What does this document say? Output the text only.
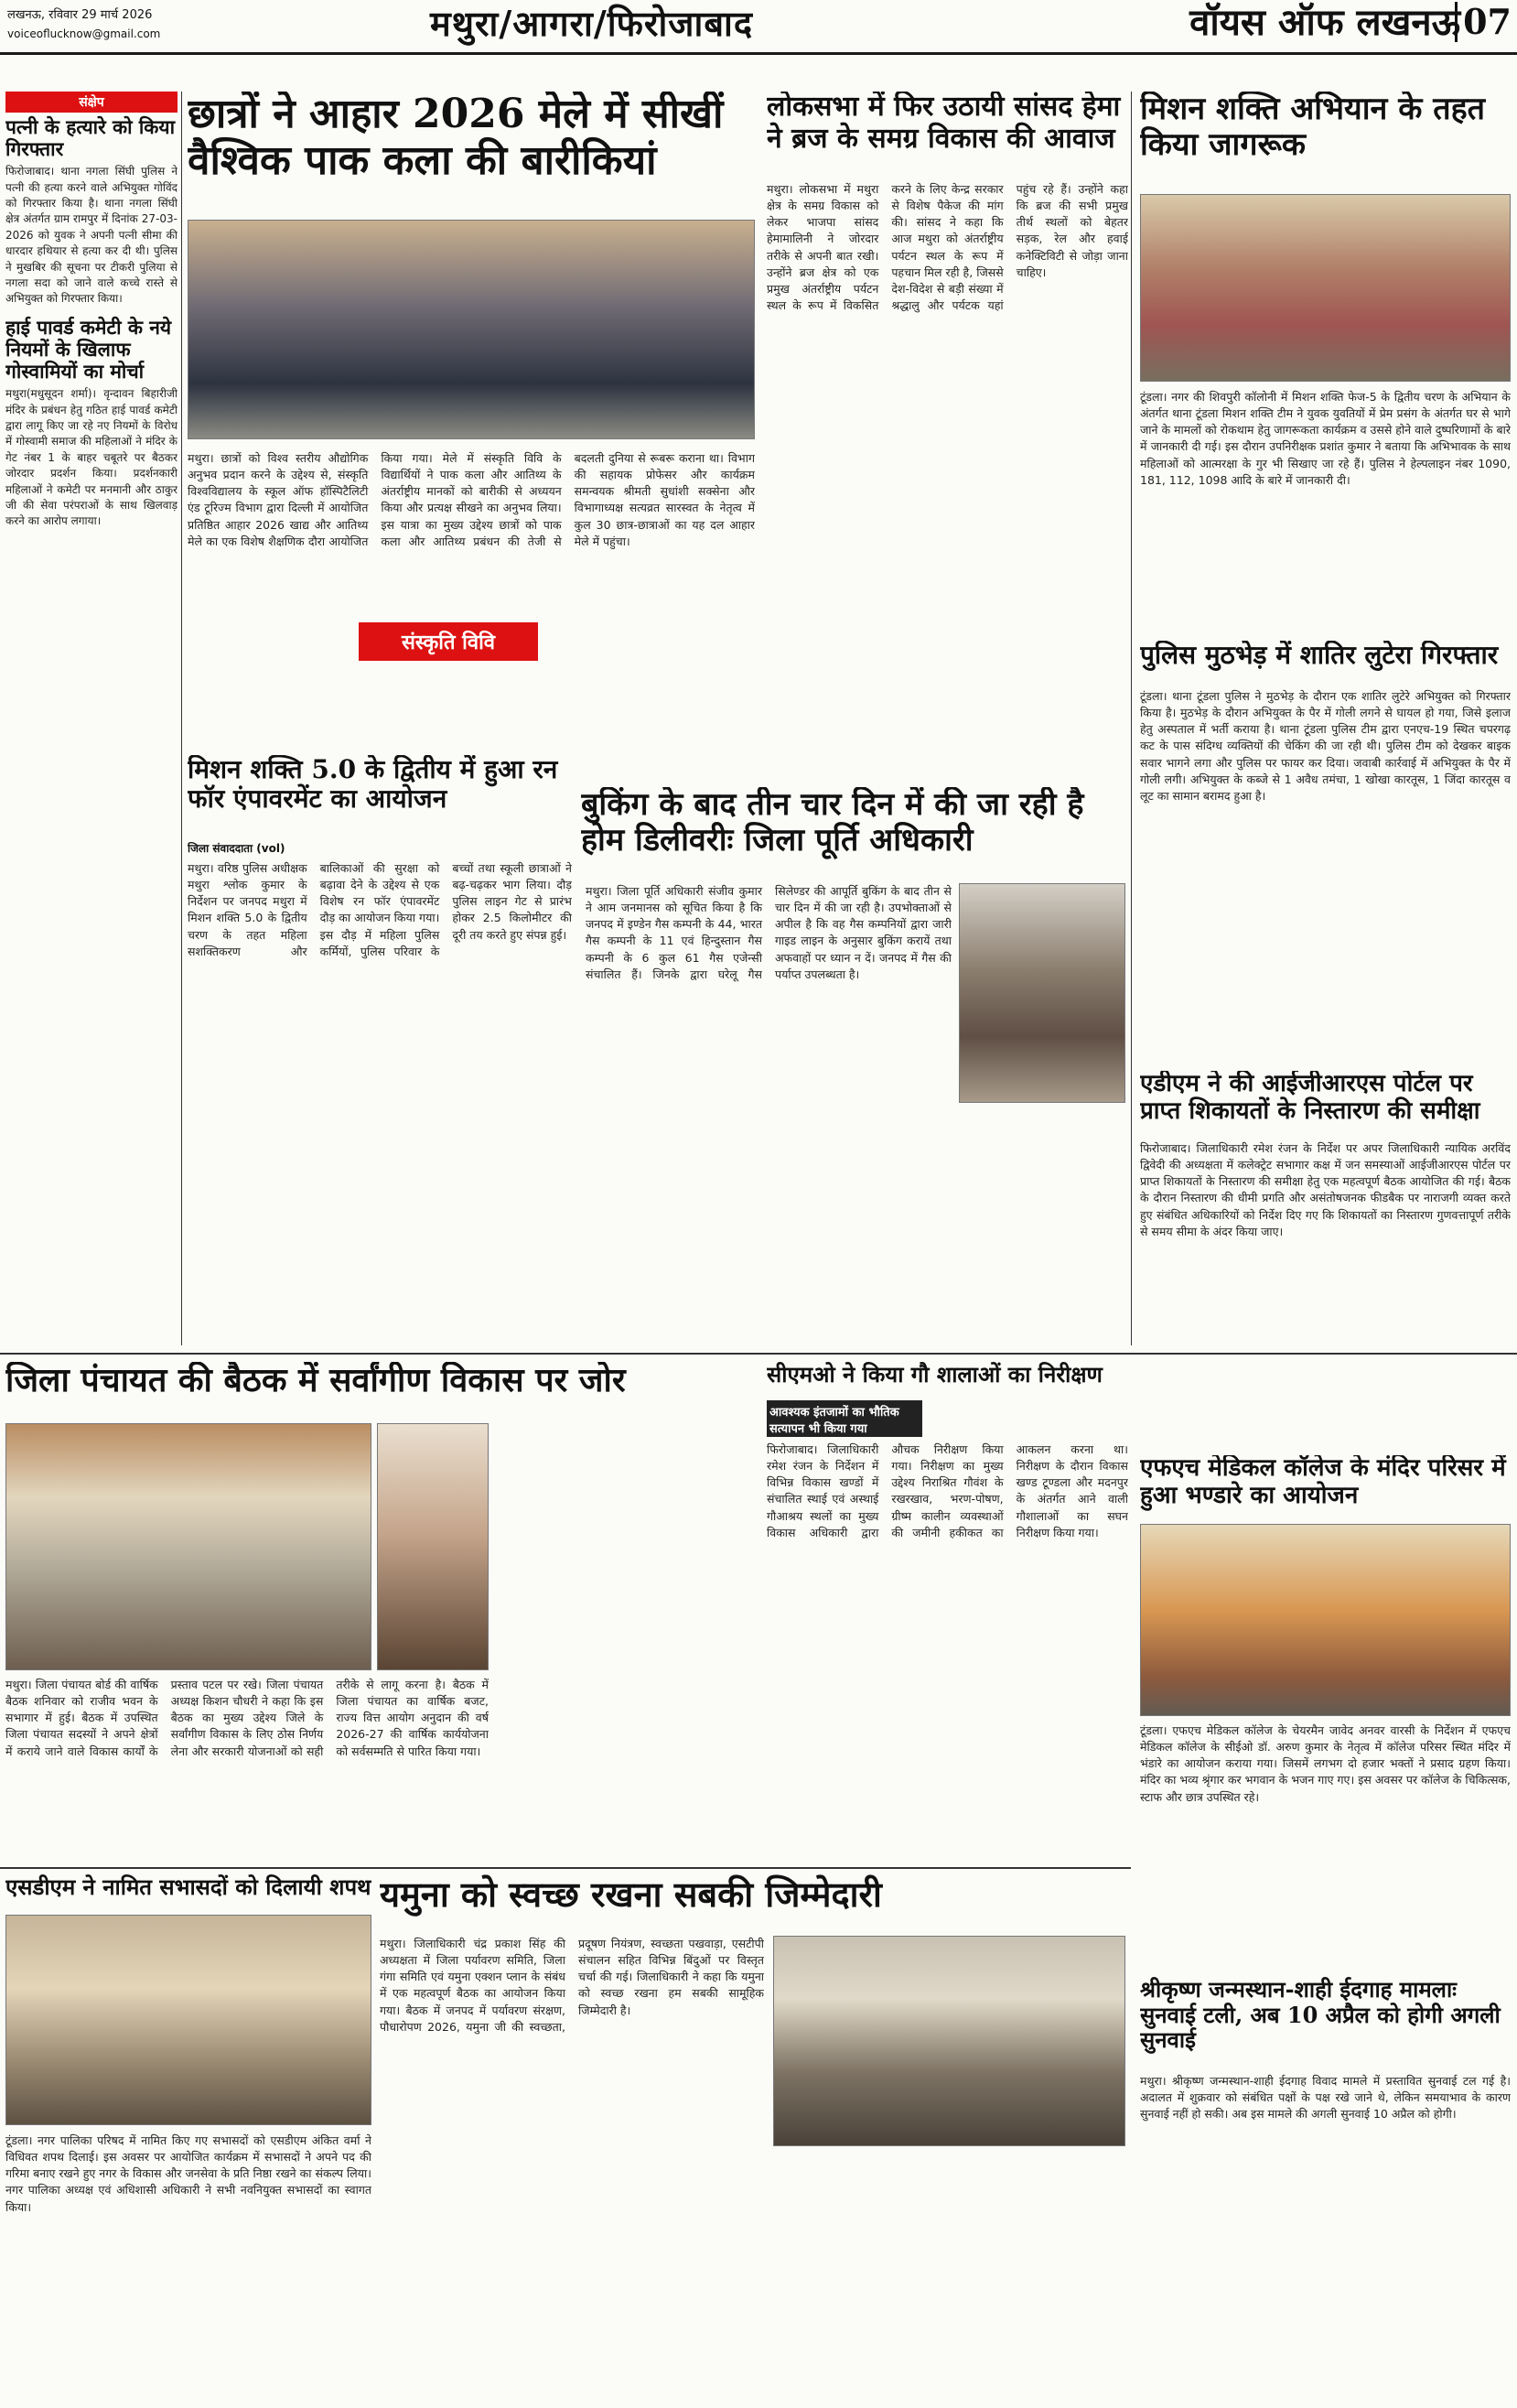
लखनऊ, रविवार 29 मार्च 2026
voiceoflucknow@gmail.com	मथुरा/आगरा/फिरोजाबाद	वॉयस ऑफ लखनऊ 07
संक्षेप
पत्नी के हत्यारे को किया गिरफ्तार
फिरोजाबाद। थाना नगला सिंघी पुलिस ने पत्नी की हत्या करने वाले अभियुक्त गोविंद को गिरफ्तार किया है। थाना नगला सिंघी क्षेत्र अंतर्गत ग्राम रामपुर में दिनांक 27-03-2026 को युवक ने अपनी पत्नी सीमा की धारदार हथियार से हत्या कर दी थी। पुलिस ने मुखबिर की सूचना पर टीकरी पुलिया से नगला सदा को जाने वाले कच्चे रास्ते से अभियुक्त को गिरफ्तार किया।
हाई पावर्ड कमेटी के नये नियमों के खिलाफ गोस्वामियों का मोर्चा
मथुरा(मधुसूदन शर्मा)। वृन्दावन बिहारीजी मंदिर के प्रबंधन हेतु गठित हाई पावर्ड कमेटी द्वारा लागू किए जा रहे नए नियमों के विरोध में गोस्वामी समाज की महिलाओं ने मंदिर के गेट नंबर 1 के बाहर चबूतरे पर बैठकर जोरदार प्रदर्शन किया। प्रदर्शनकारी महिलाओं ने कमेटी पर मनमानी और ठाकुर जी की सेवा परंपराओं के साथ खिलवाड़ करने का आरोप लगाया।
छात्रों ने आहार 2026 मेले में सीखीं वैश्विक पाक कला की बारीकियां
मथुरा। छात्रों को विश्व स्तरीय औद्योगिक अनुभव प्रदान करने के उद्देश्य से, संस्कृति विश्वविद्यालय के स्कूल ऑफ हॉस्पिटैलिटी एंड टूरिज्म विभाग द्वारा दिल्ली में आयोजित प्रतिष्ठित आहार 2026 खाद्य और आतिथ्य मेले का एक विशेष शैक्षणिक दौरा आयोजित किया गया। मेले में संस्कृति विवि के विद्यार्थियों ने पाक कला और आतिथ्य के अंतर्राष्ट्रीय मानकों को बारीकी से अध्ययन किया और प्रत्यक्ष सीखने का अनुभव लिया। इस यात्रा का मुख्य उद्देश्य छात्रों को पाक कला और आतिथ्य प्रबंधन की तेजी से बदलती दुनिया से रूबरू कराना था। विभाग की सहायक प्रोफेसर और कार्यक्रम समन्वयक श्रीमती सुधांशी सक्सेना और विभागाध्यक्ष सत्यव्रत सारस्वत के नेतृत्व में कुल 30 छात्र-छात्राओं का यह दल आहार मेले में पहुंचा।
संस्कृति विवि
लोकसभा में फिर उठायी सांसद हेमा ने ब्रज के समग्र विकास की आवाज
मथुरा। लोकसभा में मथुरा क्षेत्र के समग्र विकास को लेकर भाजपा सांसद हेमामालिनी ने जोरदार तरीके से अपनी बात रखी। उन्होंने ब्रज क्षेत्र को एक प्रमुख अंतर्राष्ट्रीय पर्यटन स्थल के रूप में विकसित करने के लिए केन्द्र सरकार से विशेष पैकेज की मांग की। सांसद ने कहा कि आज मथुरा को अंतर्राष्ट्रीय पर्यटन स्थल के रूप में पहचान मिल रही है, जिससे देश-विदेश से बड़ी संख्या में श्रद्धालु और पर्यटक यहां पहुंच रहे हैं। उन्होंने कहा कि ब्रज की सभी प्रमुख तीर्थ स्थलों को बेहतर सड़क, रेल और हवाई कनेक्टिविटी से जोड़ा जाना चाहिए।
मिशन शक्ति अभियान के तहत किया जागरूक
टूंडला। नगर की शिवपुरी कॉलोनी में मिशन शक्ति फेज-5 के द्वितीय चरण के अभियान के अंतर्गत थाना टूंडला मिशन शक्ति टीम ने युवक युवतियों में प्रेम प्रसंग के अंतर्गत घर से भागे जाने के मामलों को रोकथाम हेतु जागरूकता कार्यक्रम व उससे होने वाले दुष्परिणामों के बारे में जानकारी दी गई। इस दौरान उपनिरीक्षक प्रशांत कुमार ने बताया कि अभिभावक के साथ महिलाओं को आत्मरक्षा के गुर भी सिखाए जा रहे हैं। पुलिस ने हेल्पलाइन नंबर 1090, 181, 112, 1098 आदि के बारे में जानकारी दी।
पुलिस मुठभेड़ में शातिर लुटेरा गिरफ्तार
टूंडला। थाना टूंडला पुलिस ने मुठभेड़ के दौरान एक शातिर लुटेरे अभियुक्त को गिरफ्तार किया है। मुठभेड़ के दौरान अभियुक्त के पैर में गोली लगने से घायल हो गया, जिसे इलाज हेतु अस्पताल में भर्ती कराया है। थाना टूंडला पुलिस टीम द्वारा एनएच-19 स्थित चपरगढ़ कट के पास संदिग्ध व्यक्तियों की चेकिंग की जा रही थी। पुलिस टीम को देखकर बाइक सवार भागने लगा और पुलिस पर फायर कर दिया। जवाबी कार्रवाई में अभियुक्त के पैर में गोली लगी। अभियुक्त के कब्जे से 1 अवैध तमंचा, 1 खोखा कारतूस, 1 जिंदा कारतूस व लूट का सामान बरामद हुआ है।
एडीएम ने की आईजीआरएस पोर्टल पर प्राप्त शिकायतों के निस्तारण की समीक्षा
फिरोजाबाद। जिलाधिकारी रमेश रंजन के निर्देश पर अपर जिलाधिकारी न्यायिक अरविंद द्विवेदी की अध्यक्षता में कलेक्ट्रेट सभागार कक्ष में जन समस्याओं आईजीआरएस पोर्टल पर प्राप्त शिकायतों के निस्तारण की समीक्षा हेतु एक महत्वपूर्ण बैठक आयोजित की गई। बैठक के दौरान निस्तारण की धीमी प्रगति और असंतोषजनक फीडबैक पर नाराजगी व्यक्त करते हुए संबंधित अधिकारियों को निर्देश दिए गए कि शिकायतों का निस्तारण गुणवत्तापूर्ण तरीके से समय सीमा के अंदर किया जाए।
एफएच मेडिकल कॉलेज के मंदिर परिसर में हुआ भण्डारे का आयोजन
टूंडला। एफएच मेडिकल कॉलेज के चेयरमैन जावेद अनवर वारसी के निर्देशन में एफएच मेडिकल कॉलेज के सीईओ डॉ. अरुण कुमार के नेतृत्व में कॉलेज परिसर स्थित मंदिर में भंडारे का आयोजन कराया गया। जिसमें लगभग दो हजार भक्तों ने प्रसाद ग्रहण किया। मंदिर का भव्य श्रृंगार कर भगवान के भजन गाए गए। इस अवसर पर कॉलेज के चिकित्सक, स्टाफ और छात्र उपस्थित रहे।
श्रीकृष्ण जन्मस्थान-शाही ईदगाह मामलाः सुनवाई टली, अब 10 अप्रैल को होगी अगली सुनवाई
मथुरा। श्रीकृष्ण जन्मस्थान-शाही ईदगाह विवाद मामले में प्रस्तावित सुनवाई टल गई है। अदालत में शुक्रवार को संबंधित पक्षों के पक्ष रखे जाने थे, लेकिन समयाभाव के कारण सुनवाई नहीं हो सकी। अब इस मामले की अगली सुनवाई 10 अप्रैल को होगी।
मिशन शक्ति 5.0 के द्वितीय में हुआ रन फॉर एंपावरमेंट का आयोजन
जिला संवाददाता (vol)
मथुरा। वरिष्ठ पुलिस अधीक्षक मथुरा श्लोक कुमार के निर्देशन पर जनपद मथुरा में मिशन शक्ति 5.0 के द्वितीय चरण के तहत महिला सशक्तिकरण और बालिकाओं की सुरक्षा को बढ़ावा देने के उद्देश्य से एक विशेष रन फॉर एंपावरमेंट दौड़ का आयोजन किया गया। इस दौड़ में महिला पुलिस कर्मियों, पुलिस परिवार के बच्चों तथा स्कूली छात्राओं ने बढ़-चढ़कर भाग लिया। दौड़ पुलिस लाइन गेट से प्रारंभ होकर 2.5 किलोमीटर की दूरी तय करते हुए संपन्न हुई।
बुकिंग के बाद तीन चार दिन में की जा रही है होम डिलीवरीः जिला पूर्ति अधिकारी
मथुरा। जिला पूर्ति अधिकारी संजीव कुमार ने आम जनमानस को सूचित किया है कि जनपद में इण्डेन गैस कम्पनी के 44, भारत गैस कम्पनी के 11 एवं हिन्दुस्तान गैस कम्पनी के 6 कुल 61 गैस एजेन्सी संचालित हैं। जिनके द्वारा घरेलू गैस सिलेण्डर की आपूर्ति बुकिंग के बाद तीन से चार दिन में की जा रही है। उपभोक्ताओं से अपील है कि वह गैस कम्पनियों द्वारा जारी गाइड लाइन के अनुसार बुकिंग करायें तथा अफवाहों पर ध्यान न दें। जनपद में गैस की पर्याप्त उपलब्धता है।
जिला पंचायत की बैठक में सर्वांगीण विकास पर जोर
मथुरा। जिला पंचायत बोर्ड की वार्षिक बैठक शनिवार को राजीव भवन के सभागार में हुई। बैठक में उपस्थित जिला पंचायत सदस्यों ने अपने क्षेत्रों में कराये जाने वाले विकास कार्यों के प्रस्ताव पटल पर रखे। जिला पंचायत अध्यक्ष किशन चौधरी ने कहा कि इस बैठक का मुख्य उद्देश्य जिले के सर्वांगीण विकास के लिए ठोस निर्णय लेना और सरकारी योजनाओं को सही तरीके से लागू करना है। बैठक में जिला पंचायत का वार्षिक बजट, राज्य वित्त आयोग अनुदान की वर्ष 2026-27 की वार्षिक कार्ययोजना को सर्वसम्मति से पारित किया गया।
सीएमओ ने किया गौ शालाओं का निरीक्षण
आवश्यक इंतजामों का भौतिक सत्यापन भी किया गया
फिरोजाबाद। जिलाधिकारी रमेश रंजन के निर्देशन में विभिन्न विकास खण्डों में संचालित स्थाई एवं अस्थाई गौआश्रय स्थलों का मुख्य विकास अधिकारी द्वारा औचक निरीक्षण किया गया। निरीक्षण का मुख्य उद्देश्य निराश्रित गौवंश के रखरखाव, भरण-पोषण, ग्रीष्म कालीन व्यवस्थाओं की जमीनी हकीकत का आकलन करना था। निरीक्षण के दौरान विकास खण्ड टूण्डला और मदनपुर के अंतर्गत आने वाली गौशालाओं का सघन निरीक्षण किया गया।
एसडीएम ने नामित सभासदों को दिलायी शपथ
टूंडला। नगर पालिका परिषद में नामित किए गए सभासदों को एसडीएम अंकित वर्मा ने विधिवत शपथ दिलाई। इस अवसर पर आयोजित कार्यक्रम में सभासदों ने अपने पद की गरिमा बनाए रखने हुए नगर के विकास और जनसेवा के प्रति निष्ठा रखने का संकल्प लिया। नगर पालिका अध्यक्ष एवं अधिशासी अधिकारी ने सभी नवनियुक्त सभासदों का स्वागत किया।
यमुना को स्वच्छ रखना सबकी जिम्मेदारी
मथुरा। जिलाधिकारी चंद्र प्रकाश सिंह की अध्यक्षता में जिला पर्यावरण समिति, जिला गंगा समिति एवं यमुना एक्शन प्लान के संबंध में एक महत्वपूर्ण बैठक का आयोजन किया गया। बैठक में जनपद में पर्यावरण संरक्षण, पौधारोपण 2026, यमुना जी की स्वच्छता, प्रदूषण नियंत्रण, स्वच्छता पखवाड़ा, एसटीपी संचालन सहित विभिन्न बिंदुओं पर विस्तृत चर्चा की गई। जिलाधिकारी ने कहा कि यमुना को स्वच्छ रखना हम सबकी सामूहिक जिम्मेदारी है।
